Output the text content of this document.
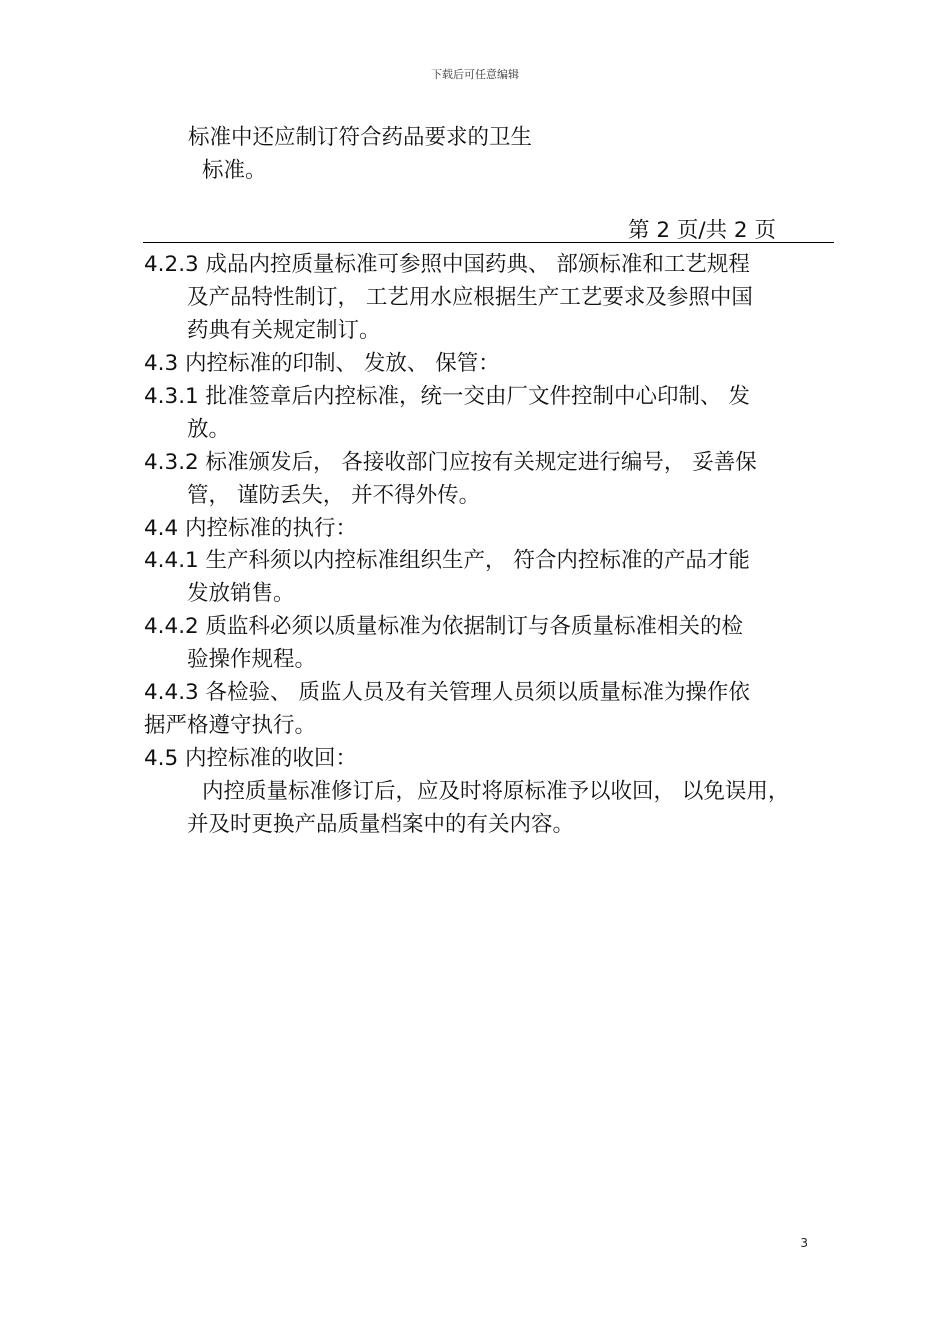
下载后可任意编辑
标准中还应制订符合药品要求的卫生
标准。
第 2 页/共 2 页
4.2.3 成品内控质量标准可参照中国药典、 部颁标准和工艺规程
及产品特性制订， 工艺用水应根据生产工艺要求及参照中国
药典有关规定制订。
4.3 内控标准的印制、 发放、 保管：
4.3.1 批准签章后内控标准，统一交由厂文件控制中心印制、 发
放。
4.3.2 标准颁发后， 各接收部门应按有关规定进行编号， 妥善保
管， 谨防丢失， 并不得外传。
4.4 内控标准的执行：
4.4.1 生产科须以内控标准组织生产， 符合内控标准的产品才能
发放销售。
4.4.2 质监科必须以质量标准为依据制订与各质量标准相关的检
验操作规程。
4.4.3 各检验、 质监人员及有关管理人员须以质量标准为操作依
据严格遵守执行。
4.5 内控标准的收回：
内控质量标准修订后，应及时将原标准予以收回， 以免误用，
并及时更换产品质量档案中的有关内容。
3
